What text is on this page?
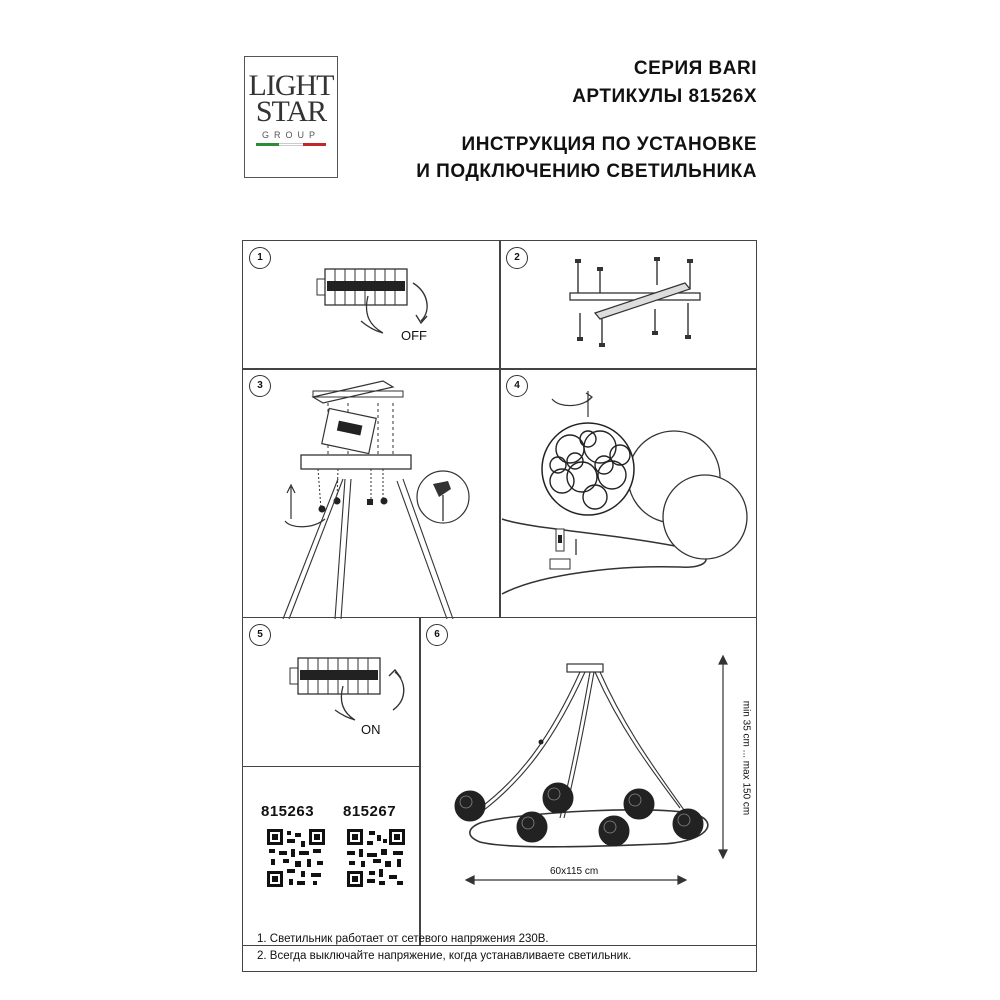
LIGHT
STAR
GROUP
СЕРИЯ BARI
АРТИКУЛЫ 81526X
ИНСТРУКЦИЯ ПО УСТАНОВКЕ
И ПОДКЛЮЧЕНИЮ СВЕТИЛЬНИКА
1
OFF
2
3	4
5
ON
815263 815267
6
min 35 cm ... max 150 cm
60x115 cm
1. Светильник работает от сетевого напряжения 230В.
2. Всегда выключайте напряжение, когда устанавливаете светильник.
